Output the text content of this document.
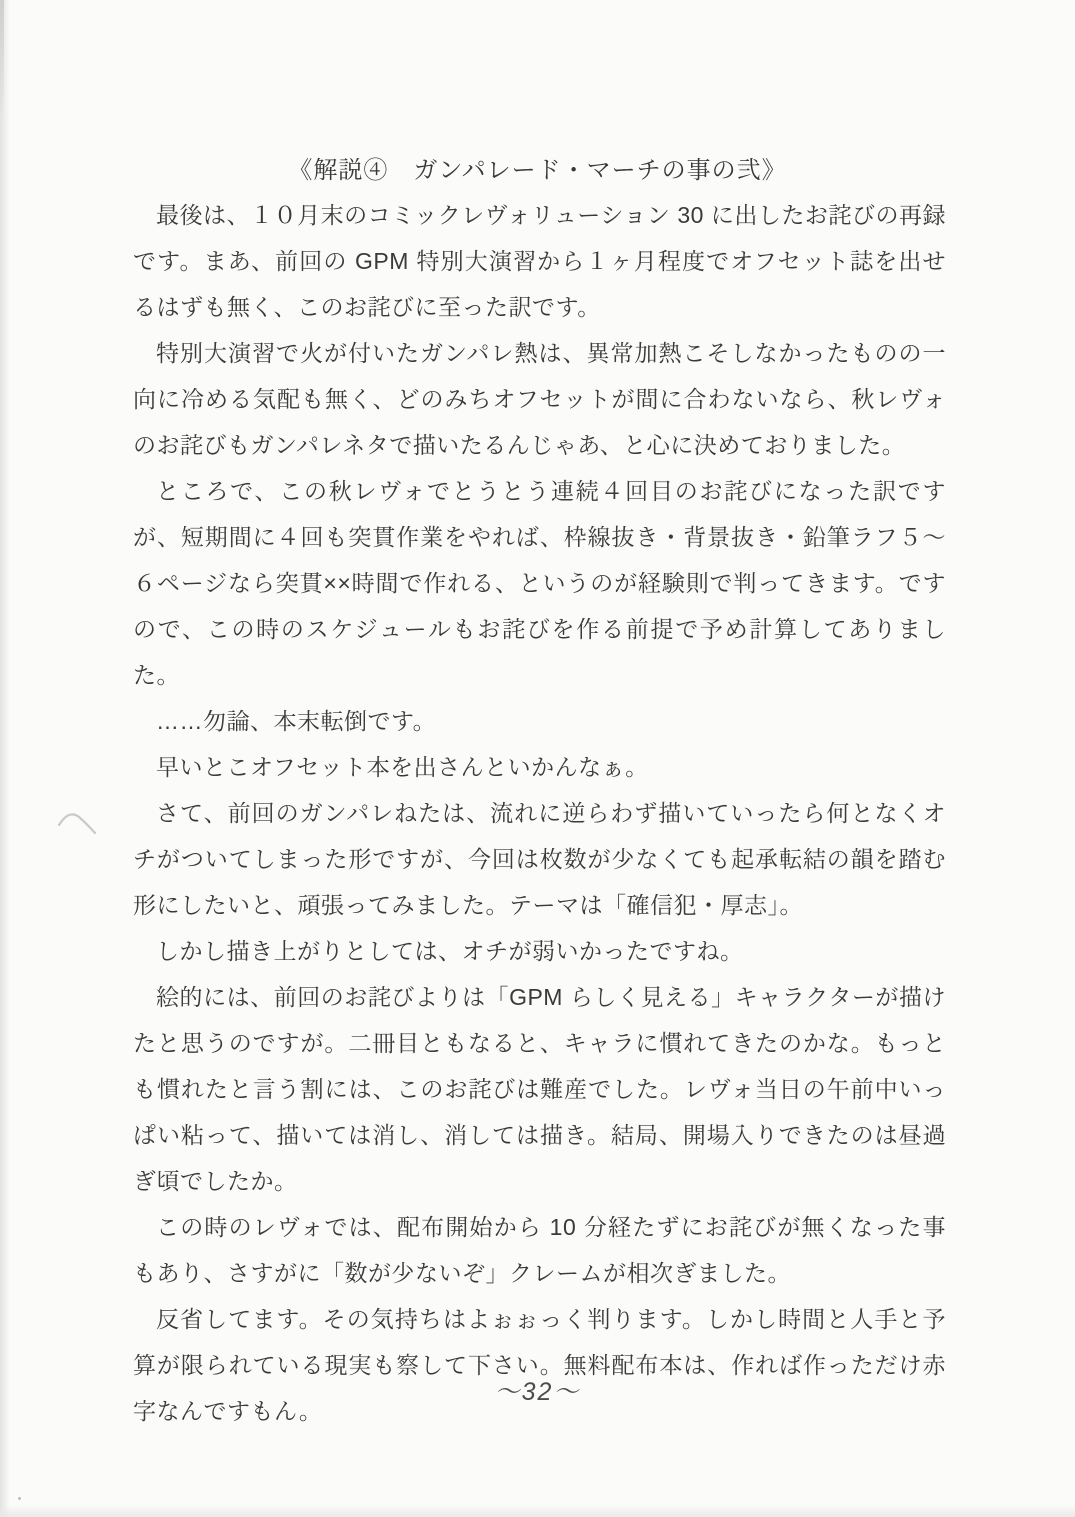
《解説④　ガンパレード・マーチの事の弐》

最後は、１０月末のコミックレヴォリューション 30 に出したお詫びの再録です。まあ、前回の GPM 特別大演習から１ヶ月程度でオフセット誌を出せるはずも無く、このお詫びに至った訳です。

特別大演習で火が付いたガンパレ熱は、異常加熱こそしなかったものの一向に冷める気配も無く、どのみちオフセットが間に合わないなら、秋レヴォのお詫びもガンパレネタで描いたるんじゃあ、と心に決めておりました。

ところで、この秋レヴォでとうとう連続４回目のお詫びになった訳ですが、短期間に４回も突貫作業をやれば、枠線抜き・背景抜き・鉛筆ラフ５〜６ページなら突貫××時間で作れる、というのが経験則で判ってきます。ですので、この時のスケジュールもお詫びを作る前提で予め計算してありました。

……勿論、本末転倒です。

早いとこオフセット本を出さんといかんなぁ。

さて、前回のガンパレねたは、流れに逆らわず描いていったら何となくオチがついてしまった形ですが、今回は枚数が少なくても起承転結の韻を踏む形にしたいと、頑張ってみました。テーマは「確信犯・厚志」。

しかし描き上がりとしては、オチが弱いかったですね。

絵的には、前回のお詫びよりは「GPM らしく見える」キャラクターが描けたと思うのですが。二冊目ともなると、キャラに慣れてきたのかな。もっとも慣れたと言う割には、このお詫びは難産でした。レヴォ当日の午前中いっぱい粘って、描いては消し、消しては描き。結局、開場入りできたのは昼過ぎ頃でしたか。

この時のレヴォでは、配布開始から 10 分経たずにお詫びが無くなった事もあり、さすがに「数が少ないぞ」クレームが相次ぎました。

反省してます。その気持ちはよぉぉっく判ります。しかし時間と人手と予算が限られている現実も察して下さい。無料配布本は、作れば作っただけ赤字なんですもん。

～32～
